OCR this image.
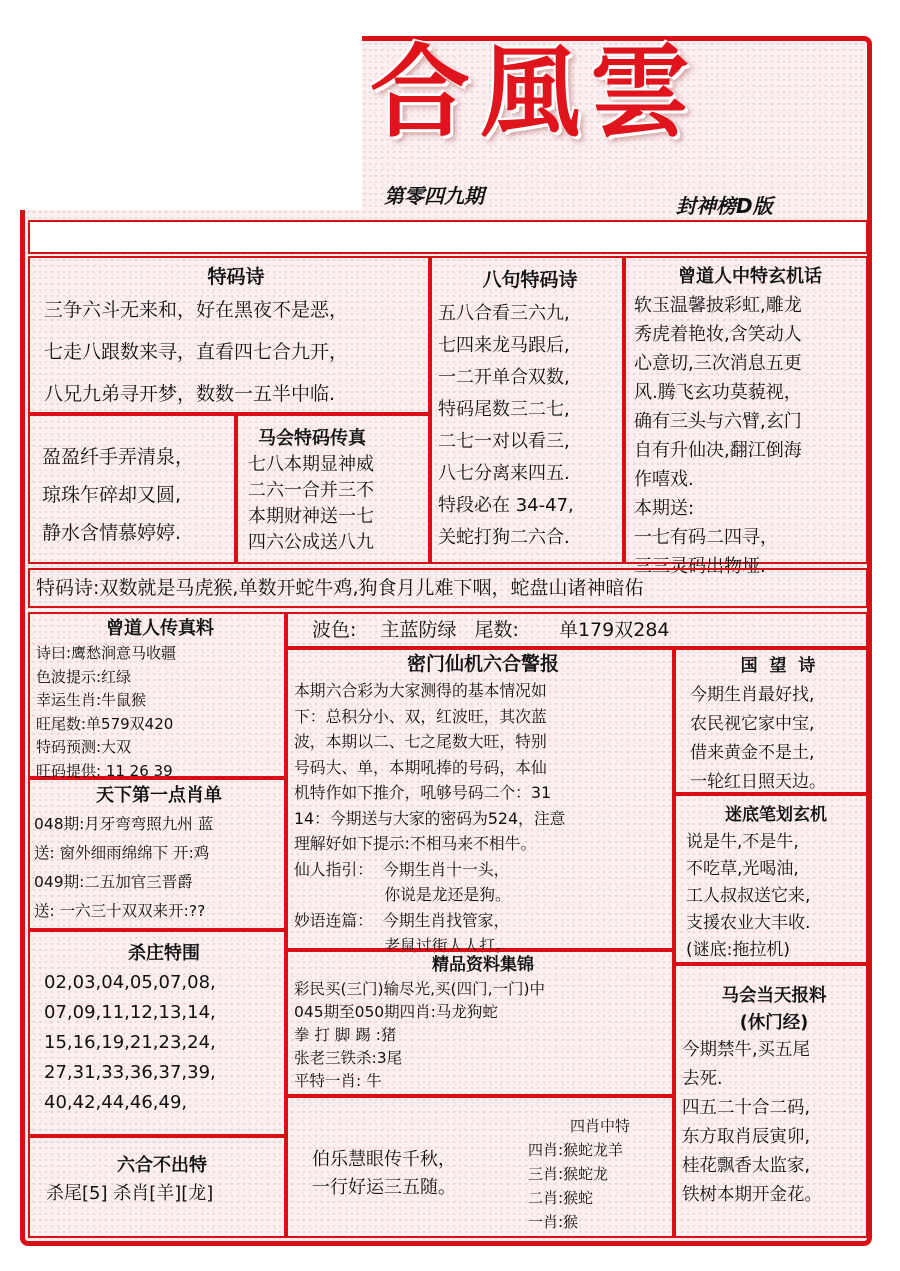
合風雲
第零四九期	封神榜D版
特码诗
三争六斗无来和，好在黑夜不是恶，
七走八跟数来寻，直看四七合九开，
八兄九弟寻开梦，数数一五半中临.
盈盈纤手弄清泉，
琼珠乍碎却又圆,
静水含情慕婷婷.
马会特码传真
七八本期显神威
二六一合并三不
本期财神送一七
四六公成送八九
八句特码诗
五八合看三六九,
七四来龙马跟后,
一二开单合双数,
特码尾数三二七,
二七一对以看三,
八七分离来四五.
特段必在 34-47,
关蛇打狗二六合.
曾道人中特玄机话
软玉温馨披彩虹,雕龙
秀虎着艳妆,含笑动人
心意切,三次消息五更
风.腾飞玄功莫藐视，
确有三头与六臂,玄门
自有升仙决,翻江倒海
作嘻戏.
本期送:
一七有码二四寻，
三三灵码出物垭.
特码诗:双数就是马虎猴,单数开蛇牛鸡,狗食月儿难下咽，蛇盘山诸神暗佑
曾道人传真料
诗曰:鹰愁涧意马收疆
色波提示:红绿
幸运生肖:牛鼠猴
旺尾数:单579双420
特码预测:大双
旺码提供: 11 26 39
天下第一点肖单
048期:月牙弯弯照九州 蓝
送: 窗外细雨绵绵下 开:鸡
049期:二五加官三晋爵
送: 一六三十双双来开:??
杀庄特围
02,03,04,05,07,08,
07,09,11,12,13,14,
15,16,19,21,23,24,
27,31,33,36,37,39,
40,42,44,46,49,
六合不出特
杀尾[5] 杀肖[羊][龙]
波色: 主蓝防绿 尾数: 单179双284
密门仙机六合警报
本期六合彩为大家测得的基本情况如
下：总积分小、双，红波旺，其次蓝
波，本期以二、七之尾数大旺，特别
号码大、单，本期吼捧的号码，本仙
机特作如下推介，吼够号码二个：31
14：今期送与大家的密码为524，注意
理解好如下提示:不相马来不相牛。
仙人指引：  今期生肖十一头，
你说是龙还是狗。
妙语连篇：  今期生肖找管家，
老鼠过街人人打。
精品资料集锦
彩民买(三门)输尽光,买(四门,一门)中
045期至050期四肖:马龙狗蛇
拳 打 脚 踢 :猪
张老三铁杀:3尾
平特一肖: 牛
伯乐慧眼传千秋，
一行好运三五随。
四肖中特
四肖:猴蛇龙羊
三肖:猴蛇龙
二肖:猴蛇
一肖:猴
国  望  诗
今期生肖最好找,
农民视它家中宝,
借来黄金不是土,
一轮红日照天边。
迷底笔划玄机
说是牛,不是牛,
不吃草,光喝油,
工人叔叔送它来,
支援农业大丰收.
(谜底:拖拉机)
马会当天报料
(休门经)
今期禁牛,买五尾
去死.
四五二十合二码,
东方取肖辰寅卯,
桂花飘香太监家,
铁树本期开金花。
